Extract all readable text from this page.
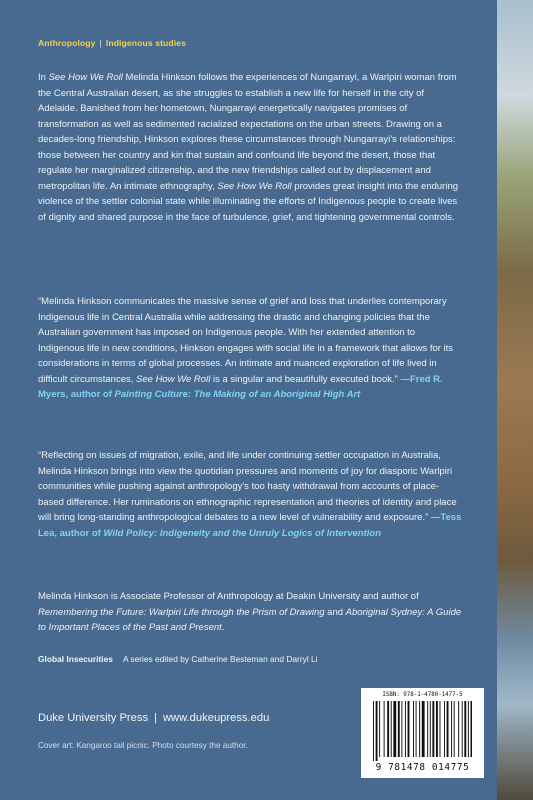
Anthropology | Indigenous studies
In See How We Roll Melinda Hinkson follows the experiences of Nungarrayi, a Warlpiri woman from the Central Australian desert, as she struggles to establish a new life for herself in the city of Adelaide. Banished from her hometown, Nungarrayi energetically navigates promises of transformation as well as sedimented racialized expectations on the urban streets. Drawing on a decades-long friendship, Hinkson explores these circumstances through Nungarrayi's relationships: those between her country and kin that sustain and confound life beyond the desert, those that regulate her marginalized citizenship, and the new friendships called out by displacement and metropolitan life. An intimate ethnography, See How We Roll provides great insight into the enduring violence of the settler colonial state while illuminating the efforts of Indigenous people to create lives of dignity and shared purpose in the face of turbulence, grief, and tightening governmental controls.
“Melinda Hinkson communicates the massive sense of grief and loss that underlies contemporary Indigenous life in Central Australia while addressing the drastic and changing policies that the Australian government has imposed on Indigenous people. With her extended attention to Indigenous life in new conditions, Hinkson engages with social life in a framework that allows for its considerations in terms of global processes. An intimate and nuanced exploration of life lived in difficult circumstances, See How We Roll is a singular and beautifully executed book.” —Fred R. Myers, author of Painting Culture: The Making of an Aboriginal High Art
“Reflecting on issues of migration, exile, and life under continuing settler occupation in Australia, Melinda Hinkson brings into view the quotidian pressures and moments of joy for diasporic Warlpiri communities while pushing against anthropology's too hasty withdrawal from accounts of place-based difference. Her ruminations on ethnographic representation and theories of identity and place will bring long-standing anthropological debates to a new level of vulnerability and exposure.” —Tess Lea, author of Wild Policy: Indigeneity and the Unruly Logics of Intervention
Melinda Hinkson is Associate Professor of Anthropology at Deakin University and author of Remembering the Future: Warlpiri Life through the Prism of Drawing and Aboriginal Sydney: A Guide to Important Places of the Past and Present.
Global Insecurities A series edited by Catherine Besteman and Darryl Li
Duke University Press | www.dukeupress.edu
Cover art: Kangaroo tail picnic. Photo courtesy the author.
ISBN: 978-1-4780-1477-5
9 781478 014775
